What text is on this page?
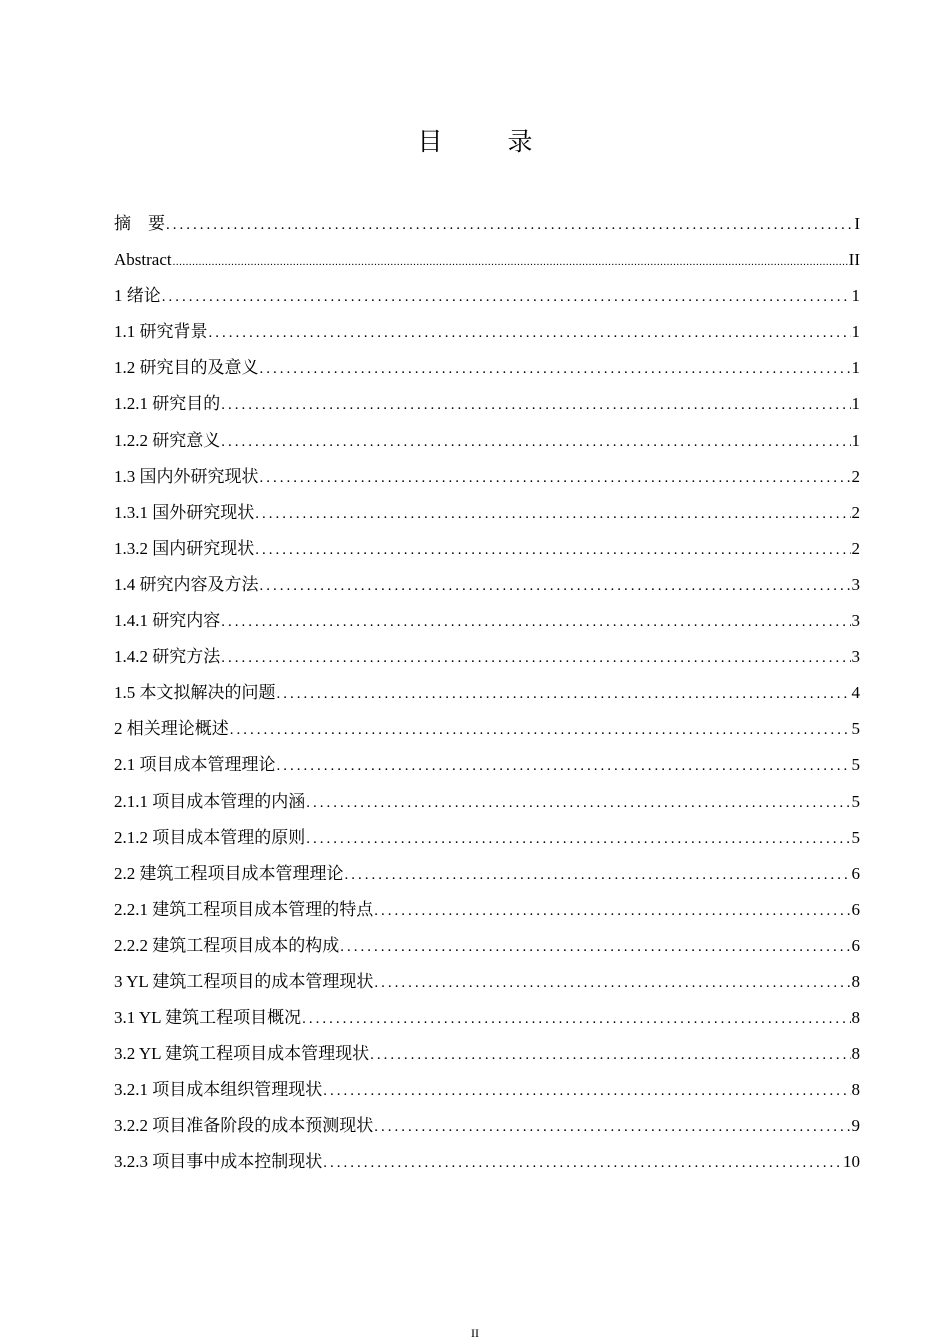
目　录
摘　要 .....	I
Abstract .....	II
1 绪论 .....	1
1.1 研究背景 .....	1
1.2 研究目的及意义 .....	1
1.2.1 研究目的 .....	1
1.2.2 研究意义 .....	1
1.3 国内外研究现状 .....	2
1.3.1 国外研究现状 .....	2
1.3.2 国内研究现状 .....	2
1.4 研究内容及方法 .....	3
1.4.1 研究内容 .....	3
1.4.2 研究方法 .....	3
1.5 本文拟解决的问题 .....	4
2 相关理论概述 .....	5
2.1 项目成本管理理论 .....	5
2.1.1 项目成本管理的内涵 .....	5
2.1.2 项目成本管理的原则 .....	5
2.2 建筑工程项目成本管理理论 .....	6
2.2.1 建筑工程项目成本管理的特点 .....	6
2.2.2 建筑工程项目成本的构成 .....	6
3 YL 建筑工程项目的成本管理现状 .....	8
3.1 YL 建筑工程项目概况 .....	8
3.2 YL 建筑工程项目成本管理现状 .....	8
3.2.1 项目成本组织管理现状 .....	8
3.2.2 项目准备阶段的成本预测现状 .....	9
3.2.3 项目事中成本控制现状 .....	10
II
